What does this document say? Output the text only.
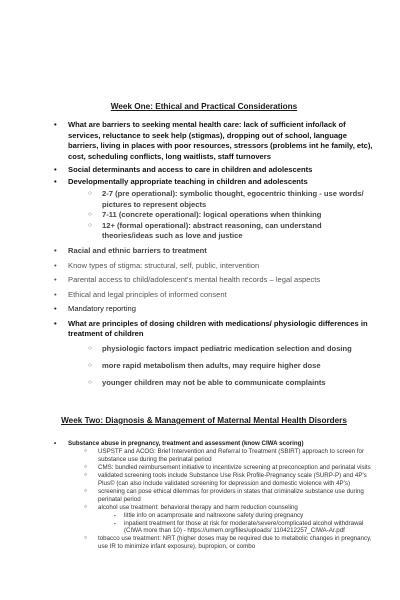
Week One: Ethical and Practical Considerations
• What are barriers to seeking mental health care: lack of sufficient info/lack of services, reluctance to seek help (stigmas), dropping out of school, language barriers, living in places with poor resources, stressors (problems int he family, etc), cost, scheduling conflicts, long waitlists, staff turnovers
• Social determinants and access to care in children and adolescents
• Developmentally appropriate teaching in children and adolescents
○ 2-7 (pre operational): symbolic thought, egocentric thinking - use words/ pictures to represent objects
○ 7-11 (concrete operational): logical operations when thinking
○ 12+ (formal operational): abstract reasoning, can understand theories/ideas such as love and justice
• Racial and ethnic barriers to treatment
• Know types of stigma: structural, self, public, intervention
• Parental access to child/adolescent's mental health records – legal aspects
• Ethical and legal principles of informed consent
• Mandatory reporting
• What are principles of dosing children with medications/ physiologic differences in treatment of children
○ physiologic factors impact pediatric medication selection and dosing
○ more rapid metabolism then adults, may require higher dose
○ younger children may not be able to communicate complaints
Week Two: Diagnosis & Management of Maternal Mental Health Disorders
• Substance abuse in pregnancy, treatment and assessment (know CIWA scoring)
○ USPSTF and ACOG: Brief Intervention and Referral to Treatment (SBIRT) approach to screen for substance use during the perinatal period
○ CMS: bundled reimbursement initiative to incentivize screening at preconception and perinatal visits
○ validated screening tools include Substance Use Risk Profile-Pregnancy scale (SURP-P) and 4P's Plus© (can also include validated screening for depression and domestic violence with 4P's)
○ screening can pose ethical dilemmas for providers in states that criminalize substance use during perinatal period
○ alcohol use treatment: behavioral therapy and harm reduction counseling
▪ little info on acamprosate and naltrexone safety during pregnancy
▪ inpatient treatment for those at risk for moderate/severe/complicated alcohol withdrawal (CIWA more than 10) - https://umem.org/files/uploads/ 1104212257_CIWA-Ar.pdf
○ tobacco use treatment: NRT (higher doses may be required due to metabolic changes in pregnancy, use IR to minimize infant exposure), bupropion, or combo
